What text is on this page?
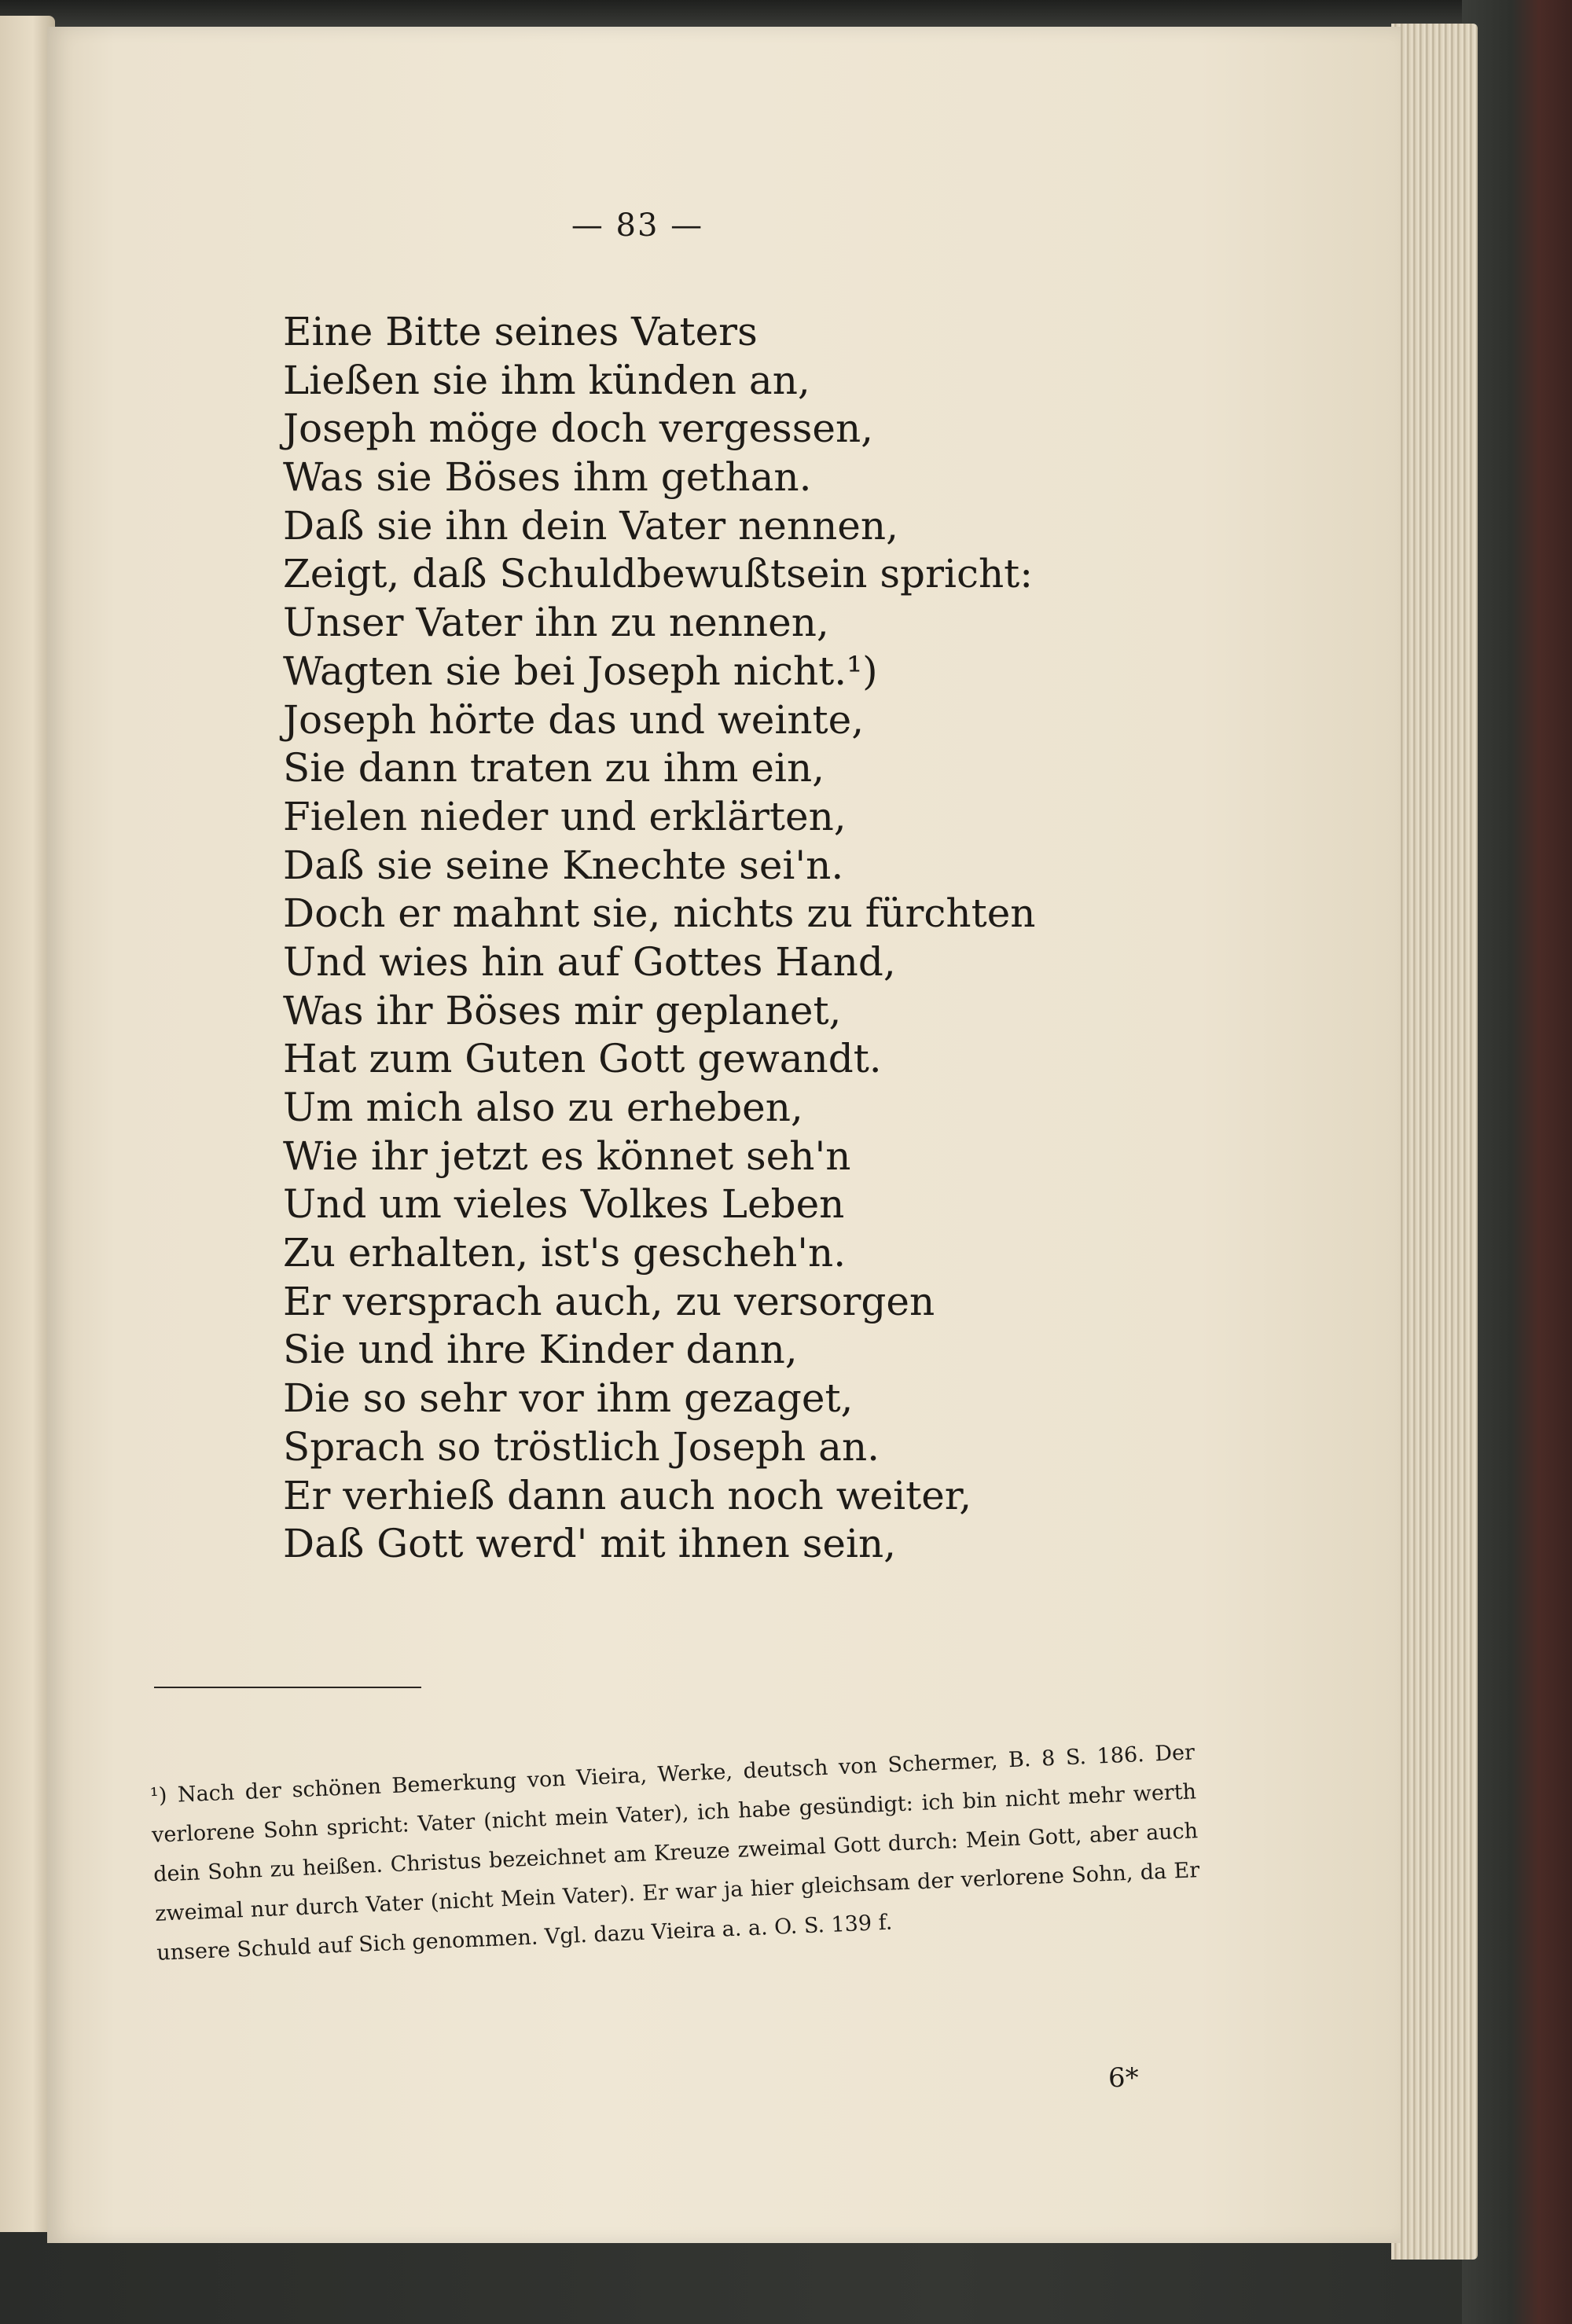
— 83 —
Eine Bitte seines Vaters
Ließen sie ihm künden an,
Joseph möge doch vergessen,
Was sie Böses ihm gethan.
Daß sie ihn dein Vater nennen,
Zeigt, daß Schuldbewußtsein spricht:
Unser Vater ihn zu nennen,
Wagten sie bei Joseph nicht.¹)
Joseph hörte das und weinte,
Sie dann traten zu ihm ein,
Fielen nieder und erklärten,
Daß sie seine Knechte sei'n.
Doch er mahnt sie, nichts zu fürchten
Und wies hin auf Gottes Hand,
Was ihr Böses mir geplanet,
Hat zum Guten Gott gewandt.
Um mich also zu erheben,
Wie ihr jetzt es könnet seh'n
Und um vieles Volkes Leben
Zu erhalten, ist's gescheh'n.
Er versprach auch, zu versorgen
Sie und ihre Kinder dann,
Die so sehr vor ihm gezaget,
Sprach so tröstlich Joseph an.
Er verhieß dann auch noch weiter,
Daß Gott werd' mit ihnen sein,

¹) Nach der schönen Bemerkung von Vieira, Werke, deutsch von Schermer, B. 8 S. 186. Der verlorene Sohn spricht: Vater (nicht mein Vater), ich habe gesündigt: ich bin nicht mehr werth dein Sohn zu heißen. Christus bezeichnet am Kreuze zweimal Gott durch: Mein Gott, aber auch zweimal nur durch Vater (nicht Mein Vater). Er war ja hier gleichsam der verlorene Sohn, da Er unsere Schuld auf Sich genommen. Vgl. dazu Vieira a. a. O. S. 139 f.

6*
